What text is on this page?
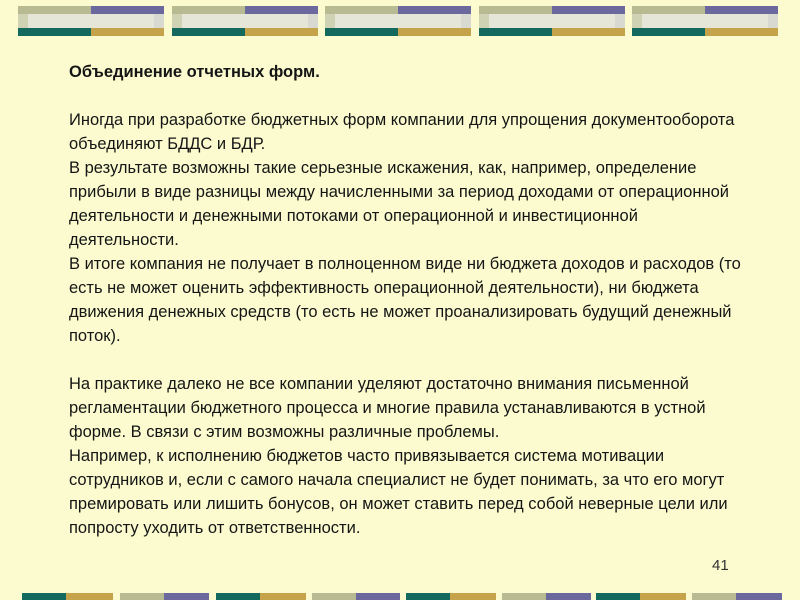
Объединение отчетных форм.

Иногда при разработке бюджетных форм компании для упрощения документооборота объединяют БДДС и БДР.

В результате возможны такие серьезные искажения, как, например, определение прибыли в виде разницы между начисленными за период доходами от операционной деятельности и денежными потоками от операционной и инвестиционной деятельности.

В итоге компания не получает в полноценном виде ни бюджета доходов и расходов (то есть не может оценить эффективность операционной деятельности), ни бюджета движения денежных средств (то есть не может проанализировать будущий денежный поток).

На практике далеко не все компании уделяют достаточно внимания письменной регламентации бюджетного процесса и многие правила устанавливаются в устной форме. В связи с этим возможны различные проблемы.

Например, к исполнению бюджетов часто привязывается система мотивации сотрудников и, если с самого начала специалист не будет понимать, за что его могут премировать или лишить бонусов, он может ставить перед собой неверные цели или попросту уходить от ответственности.

41
